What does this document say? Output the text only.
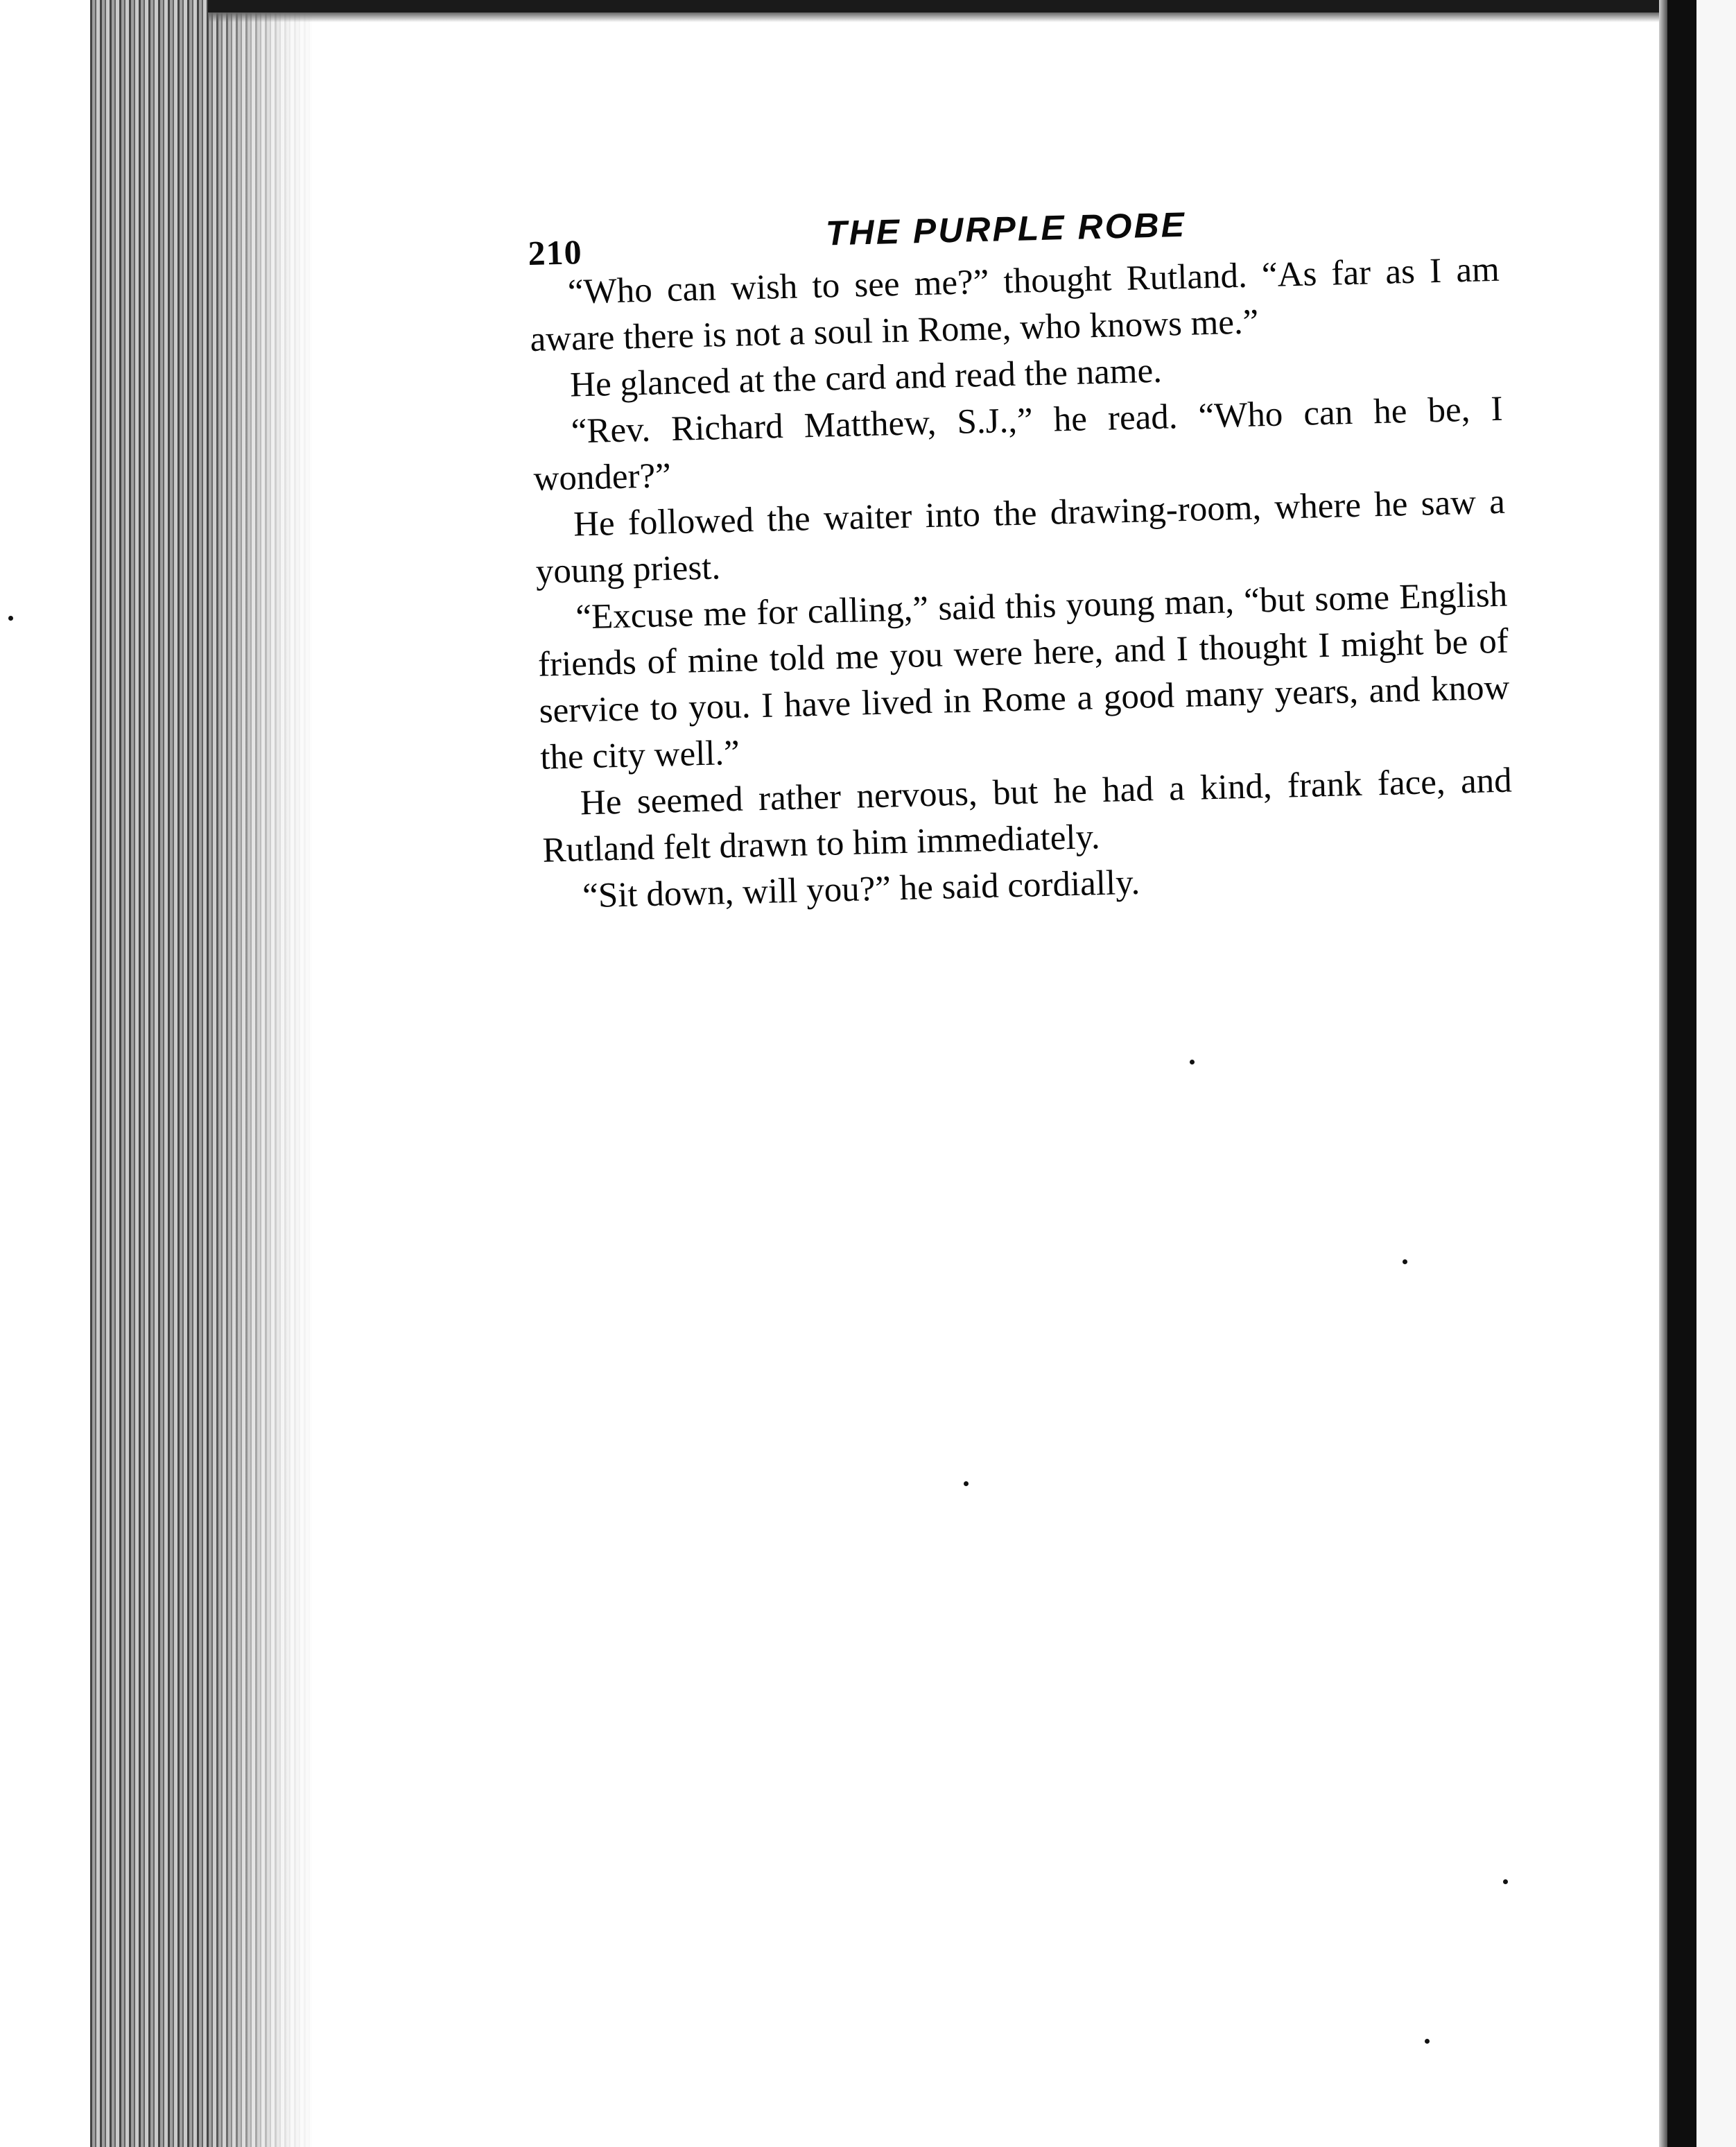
210	THE PURPLE ROBE

“Who can wish to see me?” thought Rutland. “As far as I am aware there is not a soul in Rome, who knows me.”

He glanced at the card and read the name.

“Rev. Richard Matthew, S.J.,” he read. “Who can he be, I wonder?”

He followed the waiter into the drawing-room, where he saw a young priest.

“Excuse me for calling,” said this young man, “but some English friends of mine told me you were here, and I thought I might be of service to you. I have lived in Rome a good many years, and know the city well.”

He seemed rather nervous, but he had a kind, frank face, and Rutland felt drawn to him immediately.

“Sit down, will you?” he said cordially.
